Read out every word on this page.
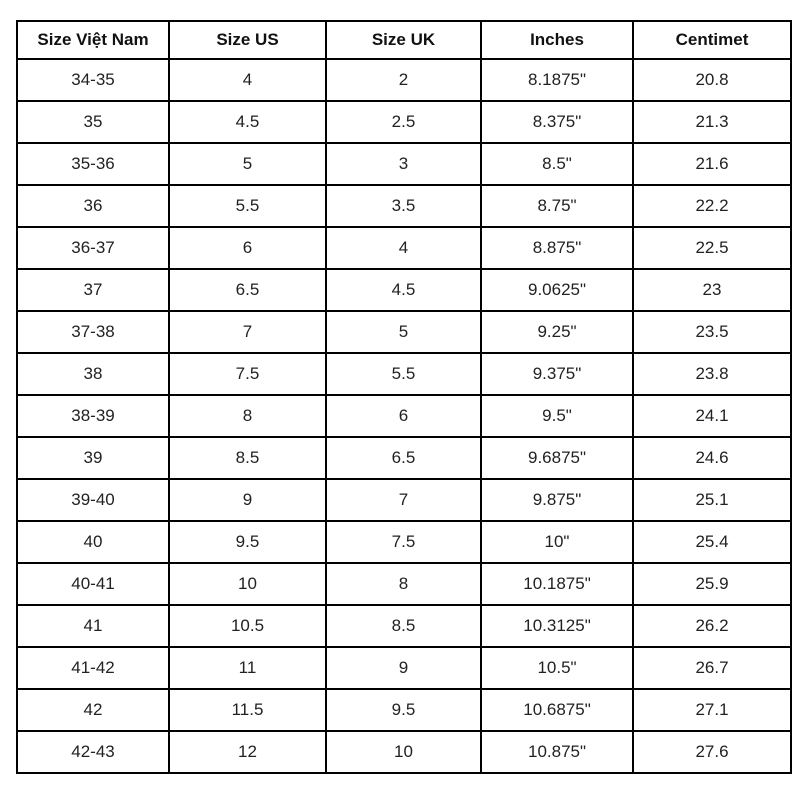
Size Việt Nam	Size US	Size UK	Inches	Centimet
34-35	4	2	8.1875"	20.8
35	4.5	2.5	8.375"	21.3
35-36	5	3	8.5"	21.6
36	5.5	3.5	8.75"	22.2
36-37	6	4	8.875"	22.5
37	6.5	4.5	9.0625"	23
37-38	7	5	9.25"	23.5
38	7.5	5.5	9.375"	23.8
38-39	8	6	9.5"	24.1
39	8.5	6.5	9.6875"	24.6
39-40	9	7	9.875"	25.1
40	9.5	7.5	10"	25.4
40-41	10	8	10.1875"	25.9
41	10.5	8.5	10.3125"	26.2
41-42	11	9	10.5"	26.7
42	11.5	9.5	10.6875"	27.1
42-43	12	10	10.875"	27.6
